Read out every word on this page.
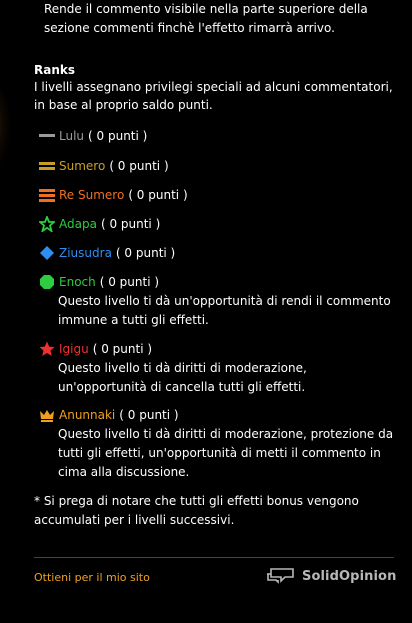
Rende il commento visibile nella parte superiore della sezione commenti finchè l'effetto rimarrà arrivo.

Ranks
I livelli assegnano privilegi speciali ad alcuni commentatori, in base al proprio saldo punti.
Lulu ( 0 punti )
Sumero ( 0 punti )
Re Sumero ( 0 punti )
Adapa ( 0 punti )
Ziusudra ( 0 punti )
Enoch ( 0 punti )
Questo livello ti dà un'opportunità di rendi il commento immune a tutti gli effetti.
Igigu ( 0 punti )
Questo livello ti dà diritti di moderazione, un'opportunità di cancella tutti gli effetti.
Anunnaki ( 0 punti )
Questo livello ti dà diritti di moderazione, protezione da tutti gli effetti, un'opportunità di metti il commento in cima alla discussione.
* Si prega di notare che tutti gli effetti bonus vengono accumulati per i livelli successivi.
Ottieni per il mio sito	SolidOpinion
